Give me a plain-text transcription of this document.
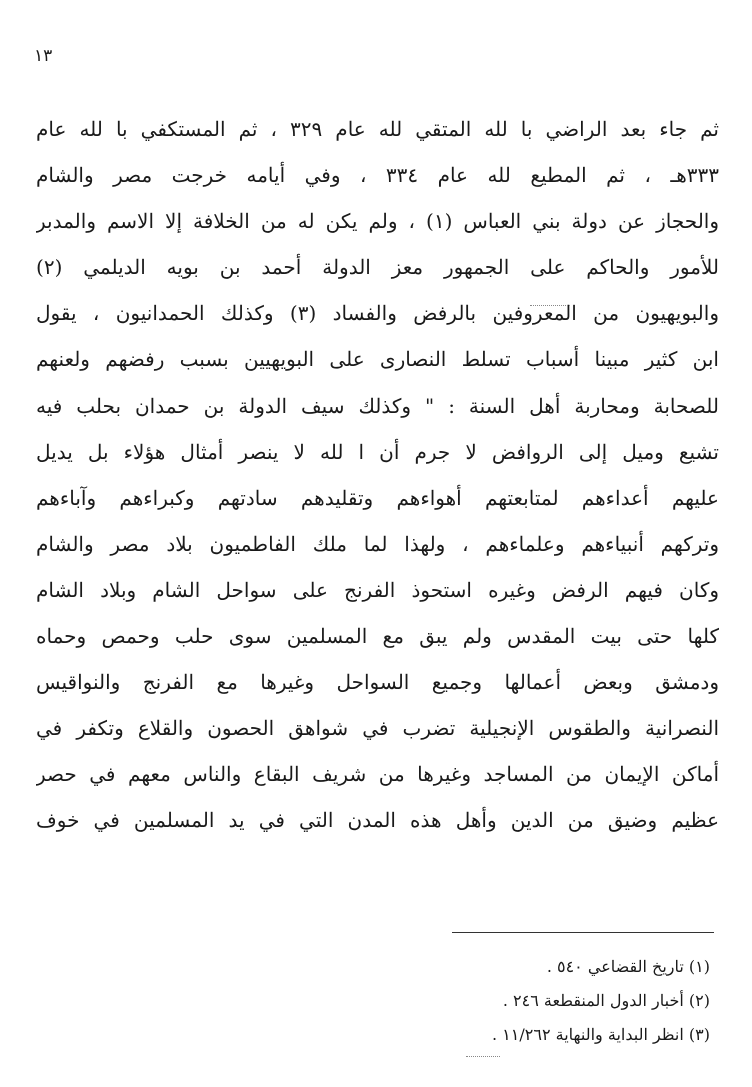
١٣
ثم جاء بعد الراضي با لله المتقي لله عام ٣٢٩ ، ثم المستكفي با لله عام
٣٣٣هـ ، ثم المطيع لله عام ٣٣٤ ، وفي أيامه خرجت مصر والشام
والحجاز عن دولة بني العباس (١) ، ولم يكن له من الخلافة إلا الاسم والمدبر
للأمور والحاكم على الجمهور معز الدولة أحمد بن بويه الديلمي (٢)
والبويهيون من المعروفين بالرفض والفساد (٣) وكذلك الحمدانيون ، يقول
ابن كثير مبينا أسباب تسلط النصارى على البويهيين بسبب رفضهم ولعنهم
للصحابة ومحاربة أهل السنة : " وكذلك سيف الدولة بن حمدان بحلب فيه
تشيع وميل إلى الروافض لا جرم أن ا لله لا ينصر أمثال هؤلاء بل يديل
عليهم أعداءهم لمتابعتهم أهواءهم وتقليدهم سادتهم وكبراءهم وآباءهم
وتركهم أنبياءهم وعلماءهم ، ولهذا لما ملك الفاطميون بلاد مصر والشام
وكان فيهم الرفض وغيره استحوذ الفرنج على سواحل الشام وبلاد الشام
كلها حتى بيت المقدس ولم يبق مع المسلمين سوى حلب وحمص وحماه
ودمشق وبعض أعمالها وجميع السواحل وغيرها مع الفرنج والنواقيس
النصرانية والطقوس الإنجيلية تضرب في شواهق الحصون والقلاع وتكفر في
أماكن الإيمان من المساجد وغيرها من شريف البقاع والناس معهم في حصر
عظيم وضيق من الدين وأهل هذه المدن التي في يد المسلمين في خوف
(١) تاريخ القضاعي ٥٤٠ .
(٢) أخبار الدول المنقطعة ٢٤٦ .
(٣) انظر البداية والنهاية ١١/٢٦٢ .
